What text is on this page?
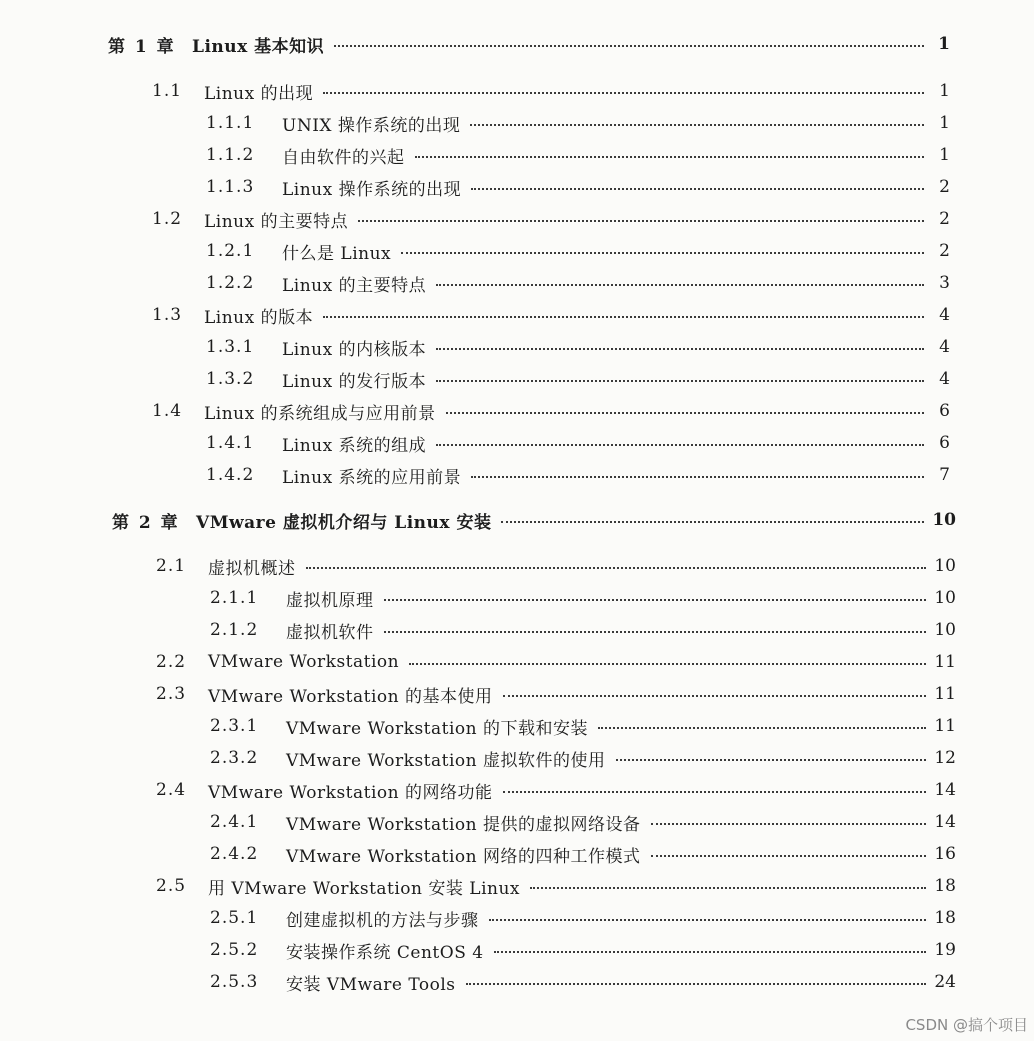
第 1 章 Linux 基本知识	1
1.1	Linux 的出现	1
1.1.1	UNIX 操作系统的出现	1
1.1.2	自由软件的兴起	1
1.1.3	Linux 操作系统的出现	2
1.2	Linux 的主要特点	2
1.2.1	什么是 Linux	2
1.2.2	Linux 的主要特点	3
1.3	Linux 的版本	4
1.3.1	Linux 的内核版本	4
1.3.2	Linux 的发行版本	4
1.4	Linux 的系统组成与应用前景	6
1.4.1	Linux 系统的组成	6
1.4.2	Linux 系统的应用前景	7
第 2 章 VMware 虚拟机介绍与 Linux 安装	10
2.1	虚拟机概述	10
2.1.1	虚拟机原理	10
2.1.2	虚拟机软件	10
2.2	VMware Workstation	11
2.3	VMware Workstation 的基本使用	11
2.3.1	VMware Workstation 的下载和安装	11
2.3.2	VMware Workstation 虚拟软件的使用	12
2.4	VMware Workstation 的网络功能	14
2.4.1	VMware Workstation 提供的虚拟网络设备	14
2.4.2	VMware Workstation 网络的四种工作模式	16
2.5	用 VMware Workstation 安装 Linux	18
2.5.1	创建虚拟机的方法与步骤	18
2.5.2	安装操作系统 CentOS 4	19
2.5.3	安装 VMware Tools	24
CSDN @搞个项目
